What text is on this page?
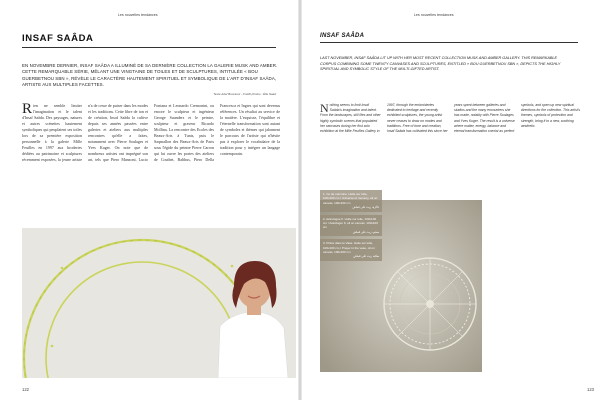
Les nouvelles tendances
INSAF SAÂDA
EN NOVEMBRE DERNIER, INSAF SAÂDA A ILLUMINÉ DE SA DERNIÈRE COLLECTION LA GALERIE MUSK AND AMBER. CETTE REMARQUABLE SÉRIE, MÊLANT UNE VINGTAINE DE TOILES ET DE SCULPTURES, INTITULÉE « BOU GUERBETNOU SBN », RÉVÈLE LE CARACTÈRE HAUTEMENT SPIRITUEL ET SYMBOLIQUE DE L'ART D'INSAF SAÂDA, ARTISTE AUX MULTIPLES FACETTES.
Texte Adel Bouraoui - Crédit photos : Élie Saad
Rien ne semble limiter l'imagination et le talent d'Insaf Saâda. Des paysages, natures et autres scénettes hautement symboliques qui peuplaient ses toiles lors de sa première exposition personnelle à la galerie Mille Feuilles en 1997 aux broderies dédiées au patrimoine et sculptures récemment exposées, la jeune artiste n'a de cesse de puiser dans les modes et les traditions. Cette libre de ton et de création, Insaf Saâda la cultive depuis ses années passées entre galeries et ateliers aux multiples rencontres qu'elle a faites, notamment avec Pierre Soulages et Yves Kuger. On note que de nombreux artistes ont imprégné son art, tels que Piero Manzoni, Lucio Fontana et Leonardo Cremonini, ou encore le sculpteur et ingénieur George Saunders et le peintre, sculpteur et graveur Ricardo Mollina. La rencontre des Ecoles des Beaux-Arts à Tunis, puis le Saqmallon des Beaux-Arts de Paris sous l'égide du peintre Pierre Carron qui lui ouvre les portes des ateliers de Coutbet, Balthus, Piero Della Francesca et Ingres qui sont devenus références. Un résultat au service de la matière. L'esquisse, l'équilibre et l'éternelle transformation sont autant de symboles et thèmes qui jalonnent le parcours de l'artiste qui n'hésite pas à explorer le vocabulaire de la tradition pour y intégrer un langage contemporain.
122
Les nouvelles tendances
INSAF SAÂDA
LAST NOVEMBER, INSAF SAÂDA LIT UP WITH HER MOST RECENT COLLECTION MUSK AND AMBER GALLERY. THIS REMARKABLE CORPUS COMBINING SOME TWENTY CANVASES AND SCULPTURES, ENTITLED « BOU GUERBETNOU SBN », DEPICTS THE HIGHLY SPIRITUAL AND SYMBOLIC STYLE OF THE MULTI-GIFTED ARTIST.
Nothing seems to limit Insaf Saâda's imagination and talent. From the landscapes, still lifes and other highly symbolic scenes that populated her canvases during her first solo exhibition at the Mille Feuilles Gallery in 1997, through the embroideries dedicated to heritage and recently exhibited sculptures, the young artist never ceases to draw on modes and traditions. Free of tone and creation, Insaf Saâda has cultivated this since her years spent between galleries and studios and the many encounters she has made, notably with Pierre Soulages and Yves Kuger. The result is a universe where matter, energy, balance and eternal transformation coexist as perfect symbols, and open up new spiritual directions for the collection. This artist's themes, symbols of protection and strength, bring it to a new, soothing aesthetic.
1. Ce de mémoire. Huile sur toile, 100x100 cm / Universe of memory, oil on canvas, 100x100 cm
ذاكرة، زيت على قماش
2. Astrologue II. Huile sur toile, 100x100 cm / Astrologer II, oil on canvas, 100x100 cm
منجم، زيت على قماش
3. Prière dans le Vase. Huile sur toile, 100x100 cm / Prayer in the vase, oil on canvas, 100x100 cm
صلاة، زيت على قماش
123
